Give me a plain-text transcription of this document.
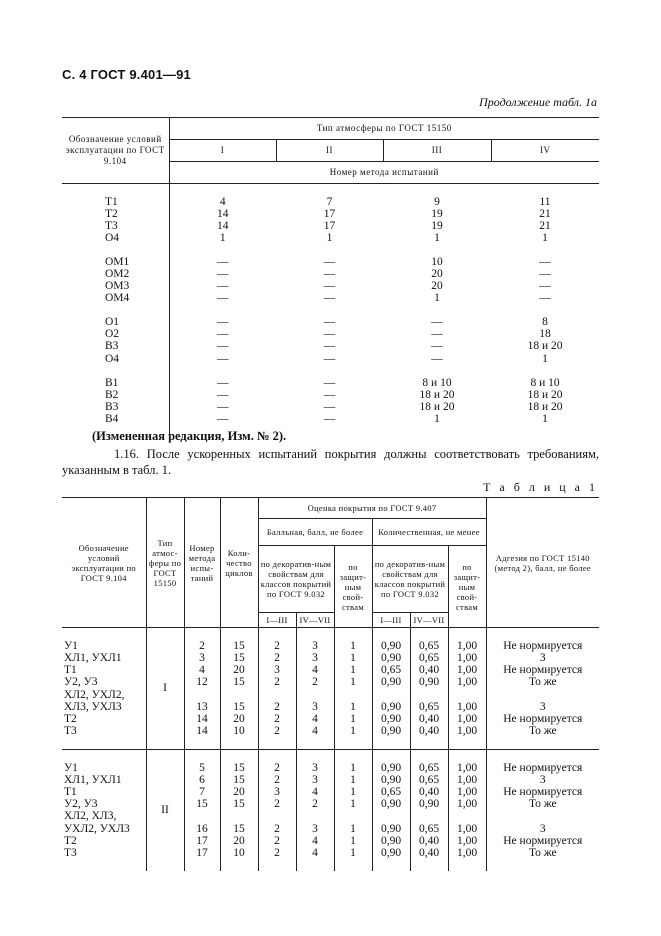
С. 4 ГОСТ 9.401—91
Продолжение табл. 1а
Обозначение условий эксплуатации по ГОСТ 9.104	Тип атмосферы по ГОСТ 15150			
	I	II	III	IV
	Номер метода испытаний			

Т1	4	7	9	11
Т2	14	17	19	21
Т3	14	17	19	21
О4	1	1	1	1

ОМ1	—	—	10	—
ОМ2	—	—	20	—
ОМ3	—	—	20	—
ОМ4	—	—	1	—

О1	—	—	—	8
О2	—	—	—	18
В3	—	—	—	18 и 20
О4	—	—	—	1

В1	—	—	8 и 10	8 и 10
В2	—	—	18 и 20	18 и 20
В3	—	—	18 и 20	18 и 20
В4	—	—	1	1

(Измененная редакция, Изм. № 2).
1.16. После ускоренных испытаний покрытия должны соответствовать требованиям, указанным в табл. 1.
Т а б л и ц а 1
Обозначение условий эксплуатации по ГОСТ 9.104	Тип атмос-феры по ГОСТ 15150	Номер метода испы-таний	Коли-чество циклов	Оценка покрытия по ГОСТ 9.407						Адгезия по ГОСТ 15140 (метод 2), балл, не более
				Балльная, балл, не более			Количественная, не менее			
				по декоратив-ным свойствам для классов покрытий по ГОСТ 9.032		по защит-ным свой-ствам	по декоратив-ным свойствам для классов покрытий по ГОСТ 9.032		по защит-ным свой-ствам	
				I—III	IV—VII		I—III	IV—VII		

У1	I	2	15	2	3	1	0,90	0,65	1,00	Не нормируется
ХЛ1, УХЛ1		3	15	2	3	1	0,90	0,65	1,00	3
Т1		4	20	3	4	1	0,65	0,40	1,00	Не нормируется
У2, У3		12	15	2	2	1	0,90	0,90	1,00	То же
ХЛ2, УХЛ2,										
ХЛ3, УХЛ3		13	15	2	3	1	0,90	0,65	1,00	3
Т2		14	20	2	4	1	0,90	0,40	1,00	Не нормируется
Т3		14	10	2	4	1	0,90	0,40	1,00	То же

У1	II	5	15	2	3	1	0,90	0,65	1,00	Не нормируется
ХЛ1, УХЛ1		6	15	2	3	1	0,90	0,65	1,00	3
Т1		7	20	3	4	1	0,65	0,40	1,00	Не нормируется
У2, У3		15	15	2	2	1	0,90	0,90	1,00	То же
ХЛ2, ХЛ3,										
УХЛ2, УХЛ3		16	15	2	3	1	0,90	0,65	1,00	3
Т2		17	20	2	4	1	0,90	0,40	1,00	Не нормируется
Т3		17	10	2	4	1	0,90	0,40	1,00	То же
